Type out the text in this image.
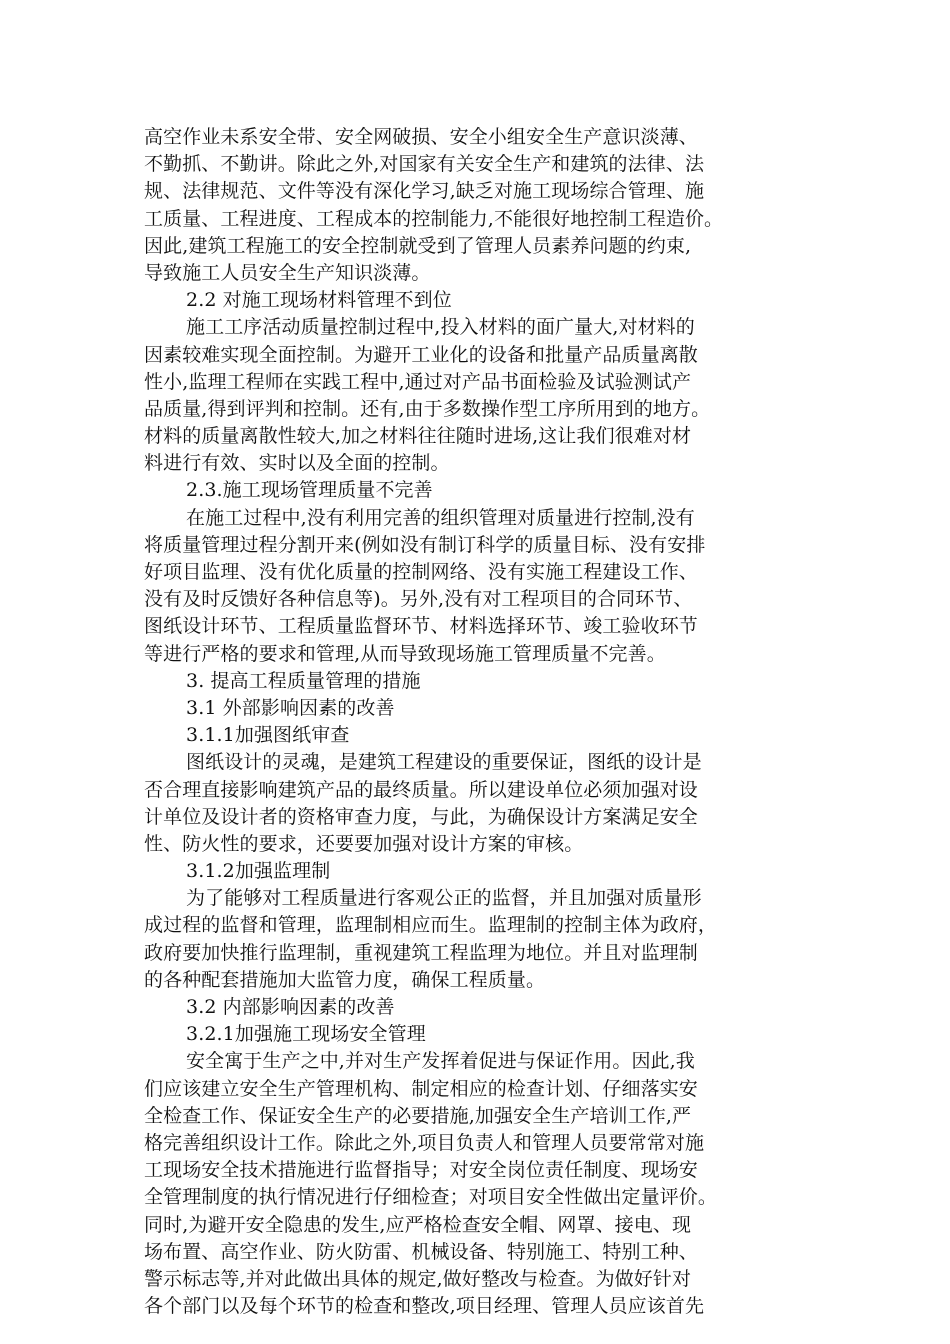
高空作业未系安全带、安全网破损、安全小组安全生产意识淡薄、
不勤抓、不勤讲。除此之外,对国家有关安全生产和建筑的法律、法
规、法律规范、文件等没有深化学习,缺乏对施工现场综合管理、施
工质量、工程进度、工程成本的控制能力,不能很好地控制工程造价。
因此,建筑工程施工的安全控制就受到了管理人员素养问题的约束,
导致施工人员安全生产知识淡薄。
2.2 对施工现场材料管理不到位
施工工序活动质量控制过程中,投入材料的面广量大,对材料的
因素较难实现全面控制。为避开工业化的设备和批量产品质量离散
性小,监理工程师在实践工程中,通过对产品书面检验及试验测试产
品质量,得到评判和控制。还有,由于多数操作型工序所用到的地方。
材料的质量离散性较大,加之材料往往随时进场,这让我们很难对材
料进行有效、实时以及全面的控制。
2.3.施工现场管理质量不完善
在施工过程中,没有利用完善的组织管理对质量进行控制,没有
将质量管理过程分割开来(例如没有制订科学的质量目标、没有安排
好项目监理、没有优化质量的控制网络、没有实施工程建设工作、
没有及时反馈好各种信息等)。另外,没有对工程项目的合同环节、
图纸设计环节、工程质量监督环节、材料选择环节、竣工验收环节
等进行严格的要求和管理,从而导致现场施工管理质量不完善。
3. 提高工程质量管理的措施
3.1 外部影响因素的改善
3.1.1加强图纸审查
图纸设计的灵魂，是建筑工程建设的重要保证，图纸的设计是
否合理直接影响建筑产品的最终质量。所以建设单位必须加强对设
计单位及设计者的资格审查力度，与此，为确保设计方案满足安全
性、防火性的要求，还要要加强对设计方案的审核。
3.1.2加强监理制
为了能够对工程质量进行客观公正的监督，并且加强对质量形
成过程的监督和管理，监理制相应而生。监理制的控制主体为政府，
政府要加快推行监理制，重视建筑工程监理为地位。并且对监理制
的各种配套措施加大监管力度，确保工程质量。
3.2 内部影响因素的改善
3.2.1加强施工现场安全管理
安全寓于生产之中,并对生产发挥着促进与保证作用。因此,我
们应该建立安全生产管理机构、制定相应的检查计划、仔细落实安
全检查工作、保证安全生产的必要措施,加强安全生产培训工作,严
格完善组织设计工作。除此之外,项目负责人和管理人员要常常对施
工现场安全技术措施进行监督指导；对安全岗位责任制度、现场安
全管理制度的执行情况进行仔细检查；对项目安全性做出定量评价。
同时,为避开安全隐患的发生,应严格检查安全帽、网罩、接电、现
场布置、高空作业、防火防雷、机械设备、特别施工、特别工种、
警示标志等,并对此做出具体的规定,做好整改与检查。为做好针对
各个部门以及每个环节的检查和整改,项目经理、管理人员应该首先
